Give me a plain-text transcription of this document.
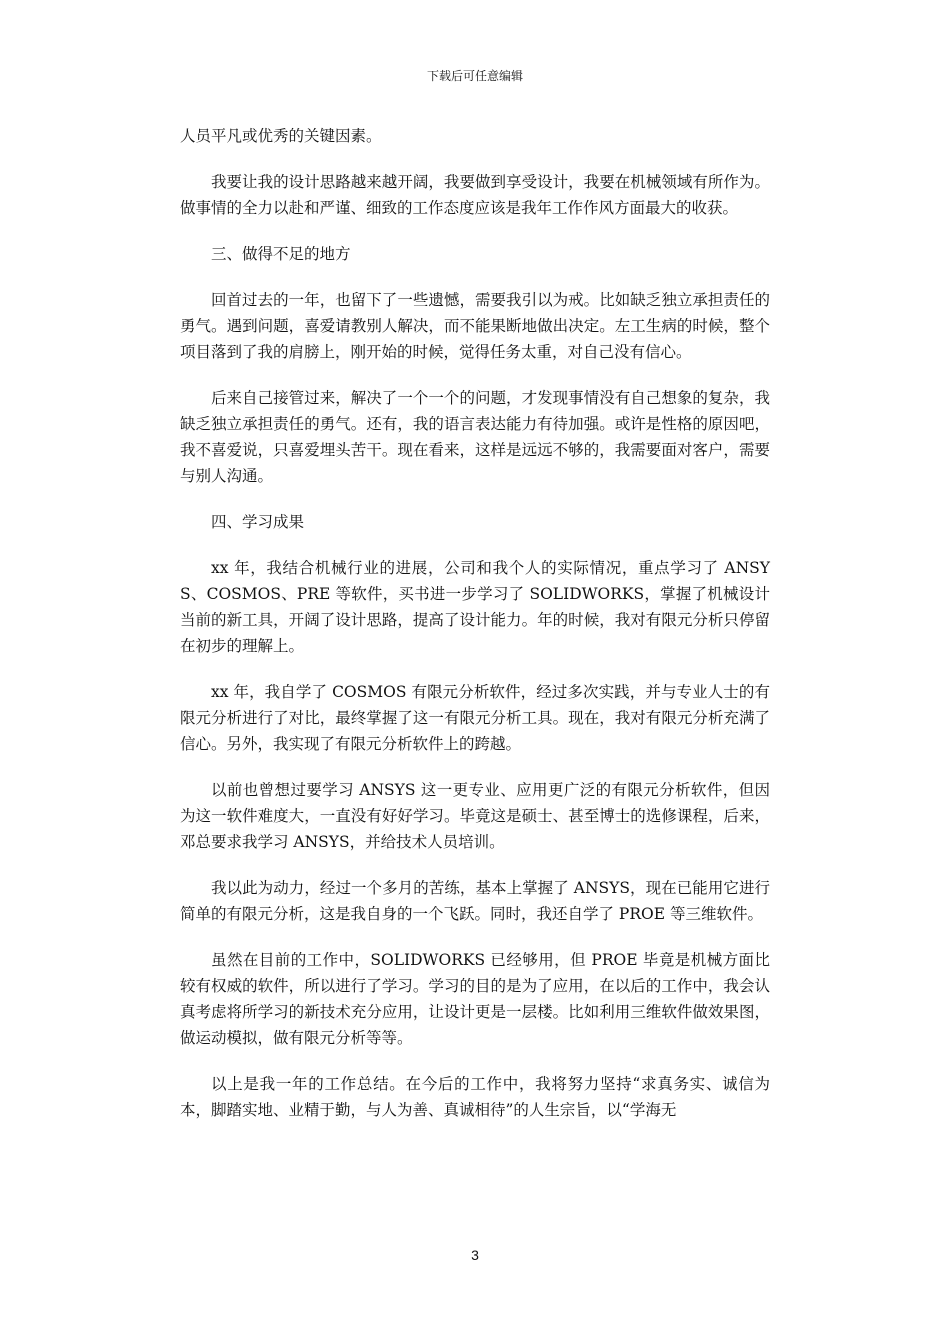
下载后可任意编辑

人员平凡或优秀的关键因素。

我要让我的设计思路越来越开阔，我要做到享受设计，我要在机械领域有所作为。做事情的全力以赴和严谨、细致的工作态度应该是我年工作作风方面最大的收获。

三、做得不足的地方

回首过去的一年，也留下了一些遗憾，需要我引以为戒。比如缺乏独立承担责任的勇气。遇到问题，喜爱请教别人解决，而不能果断地做出决定。左工生病的时候，整个项目落到了我的肩膀上，刚开始的时候，觉得任务太重，对自己没有信心。

后来自己接管过来，解决了一个一个的问题，才发现事情没有自己想象的复杂，我缺乏独立承担责任的勇气。还有，我的语言表达能力有待加强。或许是性格的原因吧，我不喜爱说，只喜爱埋头苦干。现在看来，这样是远远不够的，我需要面对客户，需要与别人沟通。

四、学习成果

xx 年，我结合机械行业的进展，公司和我个人的实际情况，重点学习了 ANSYS、COSMOS、PRE 等软件，买书进一步学习了 SOLIDWORKS，掌握了机械设计当前的新工具，开阔了设计思路，提高了设计能力。年的时候，我对有限元分析只停留在初步的理解上。

xx 年，我自学了 COSMOS 有限元分析软件，经过多次实践，并与专业人士的有限元分析进行了对比，最终掌握了这一有限元分析工具。现在，我对有限元分析充满了信心。另外，我实现了有限元分析软件上的跨越。

以前也曾想过要学习 ANSYS 这一更专业、应用更广泛的有限元分析软件，但因为这一软件难度大，一直没有好好学习。毕竟这是硕士、甚至博士的选修课程，后来，邓总要求我学习 ANSYS，并给技术人员培训。

我以此为动力，经过一个多月的苦练，基本上掌握了 ANSYS，现在已能用它进行简单的有限元分析，这是我自身的一个飞跃。同时，我还自学了 PROE 等三维软件。

虽然在目前的工作中，SOLIDWORKS 已经够用，但 PROE 毕竟是机械方面比较有权威的软件，所以进行了学习。学习的目的是为了应用，在以后的工作中，我会认真考虑将所学习的新技术充分应用，让设计更是一层楼。比如利用三维软件做效果图，做运动模拟，做有限元分析等等。

以上是我一年的工作总结。在今后的工作中，我将努力坚持“求真务实、诚信为本，脚踏实地、业精于勤，与人为善、真诚相待”的人生宗旨，以“学海无

3
